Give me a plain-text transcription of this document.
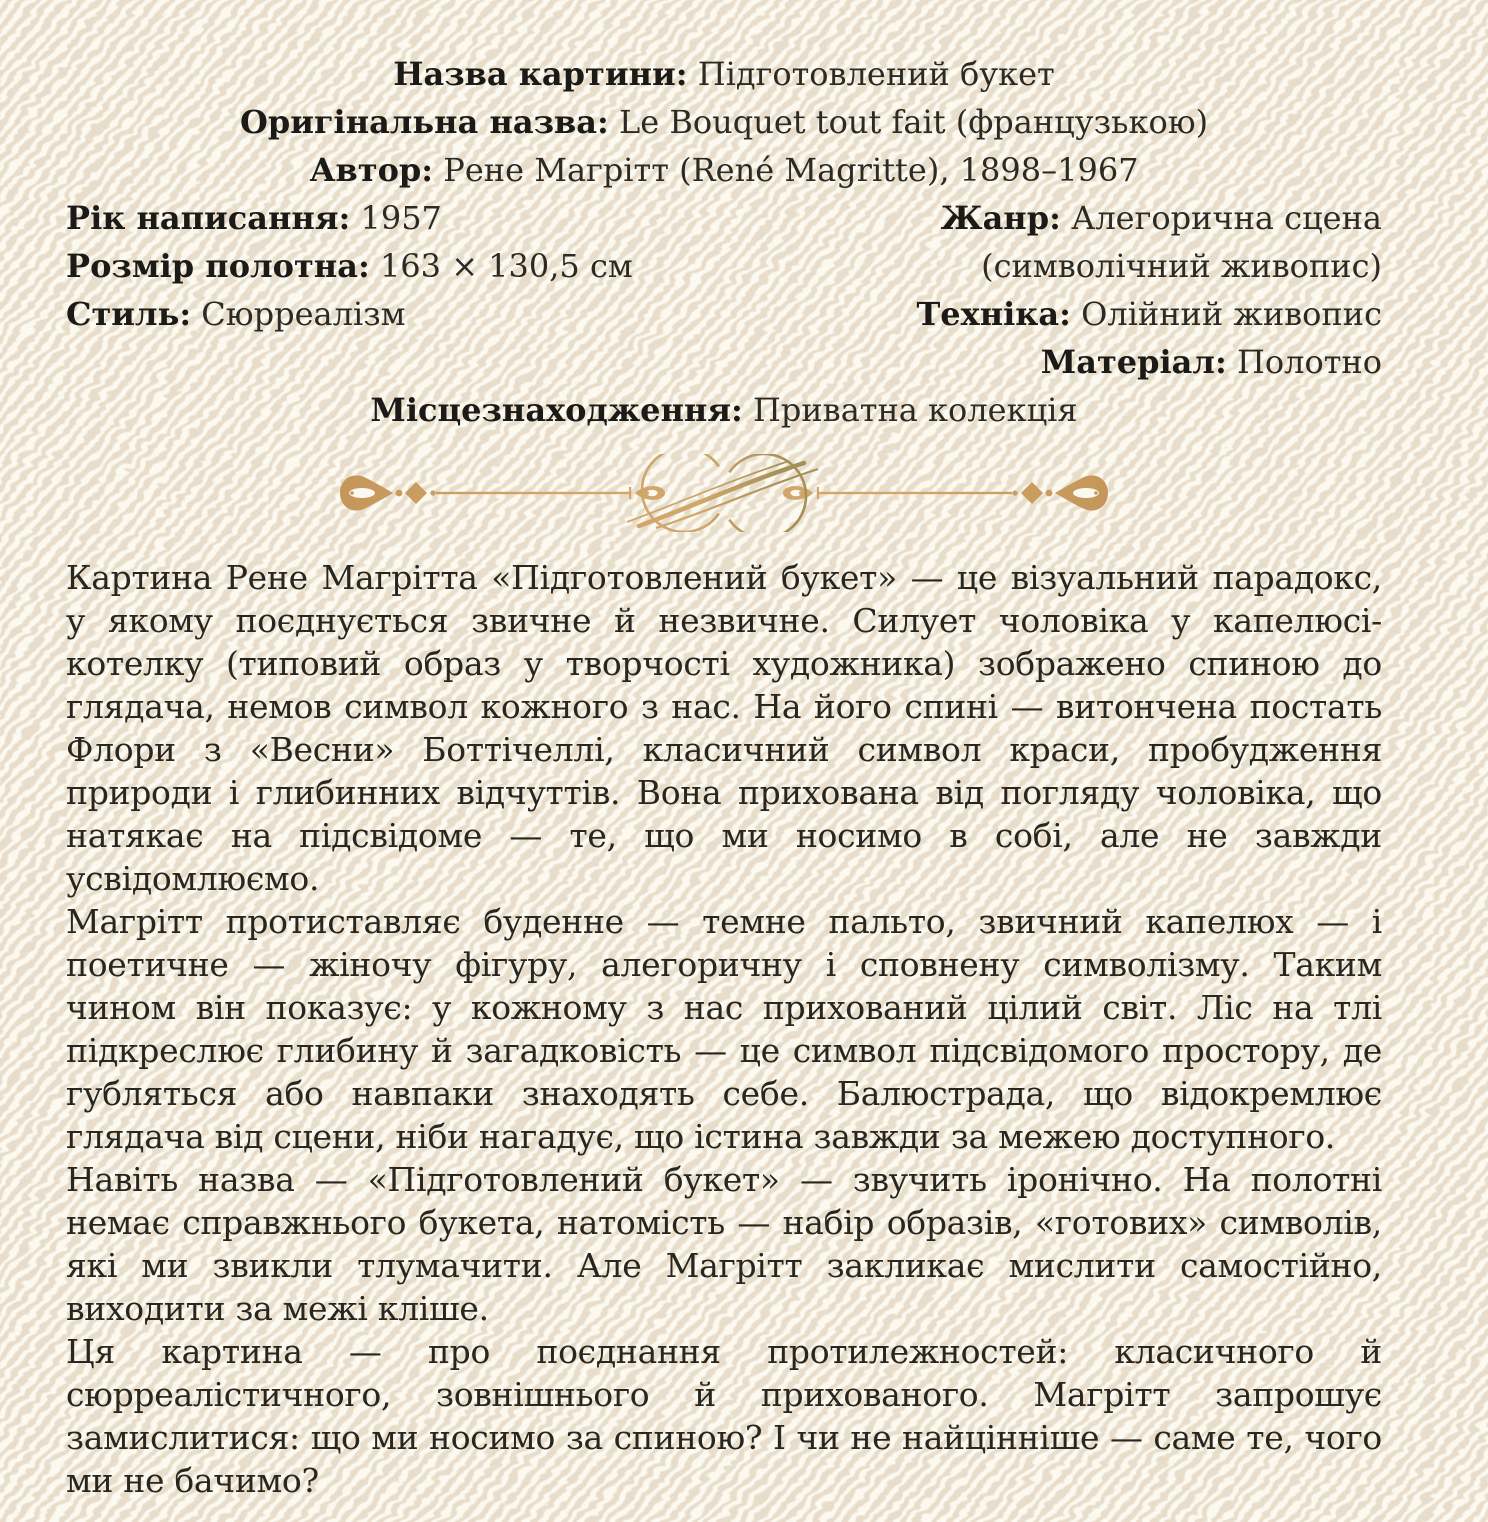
Назва картини: Підготовлений букет
Оригінальна назва: Le Bouquet tout fait (французькою)
Автор: Рене Магрітт (René Magritte), 1898–1967
Рік написання: 1957
Розмір полотна: 163 × 130,5 см
Стиль: Сюрреалізм
Жанр: Алегорична сцена (символічний живопис)
Техніка: Олійний живопис
Матеріал: Полотно
Місцезнаходження: Приватна колекція

Картина Рене Магрітта «Підготовлений букет» — це візуальний парадокс, у якому поєднується звичне й незвичне. Силует чоловіка у капелюсі-котелку (типовий образ у творчості художника) зображено спиною до глядача, немов символ кожного з нас. На його спині — витончена постать Флори з «Весни» Боттічеллі, класичний символ краси, пробудження природи і глибинних відчуттів. Вона прихована від погляду чоловіка, що натякає на підсвідоме — те, що ми носимо в собі, але не завжди усвідомлюємо.

Магрітт протиставляє буденне — темне пальто, звичний капелюх — і поетичне — жіночу фігуру, алегоричну і сповнену символізму. Таким чином він показує: у кожному з нас прихований цілий світ. Ліс на тлі підкреслює глибину й загадковість — це символ підсвідомого простору, де губляться або навпаки знаходять себе. Балюстрада, що відокремлює глядача від сцени, ніби нагадує, що істина завжди за межею доступного.

Навіть назва — «Підготовлений букет» — звучить іронічно. На полотні немає справжнього букета, натомість — набір образів, «готових» символів, які ми звикли тлумачити. Але Магрітт закликає мислити самостійно, виходити за межі кліше.

Ця картина — про поєднання протилежностей: класичного й сюрреалістичного, зовнішнього й прихованого. Магрітт запрошує замислитися: що ми носимо за спиною? І чи не найцінніше — саме те, чого ми не бачимо?
